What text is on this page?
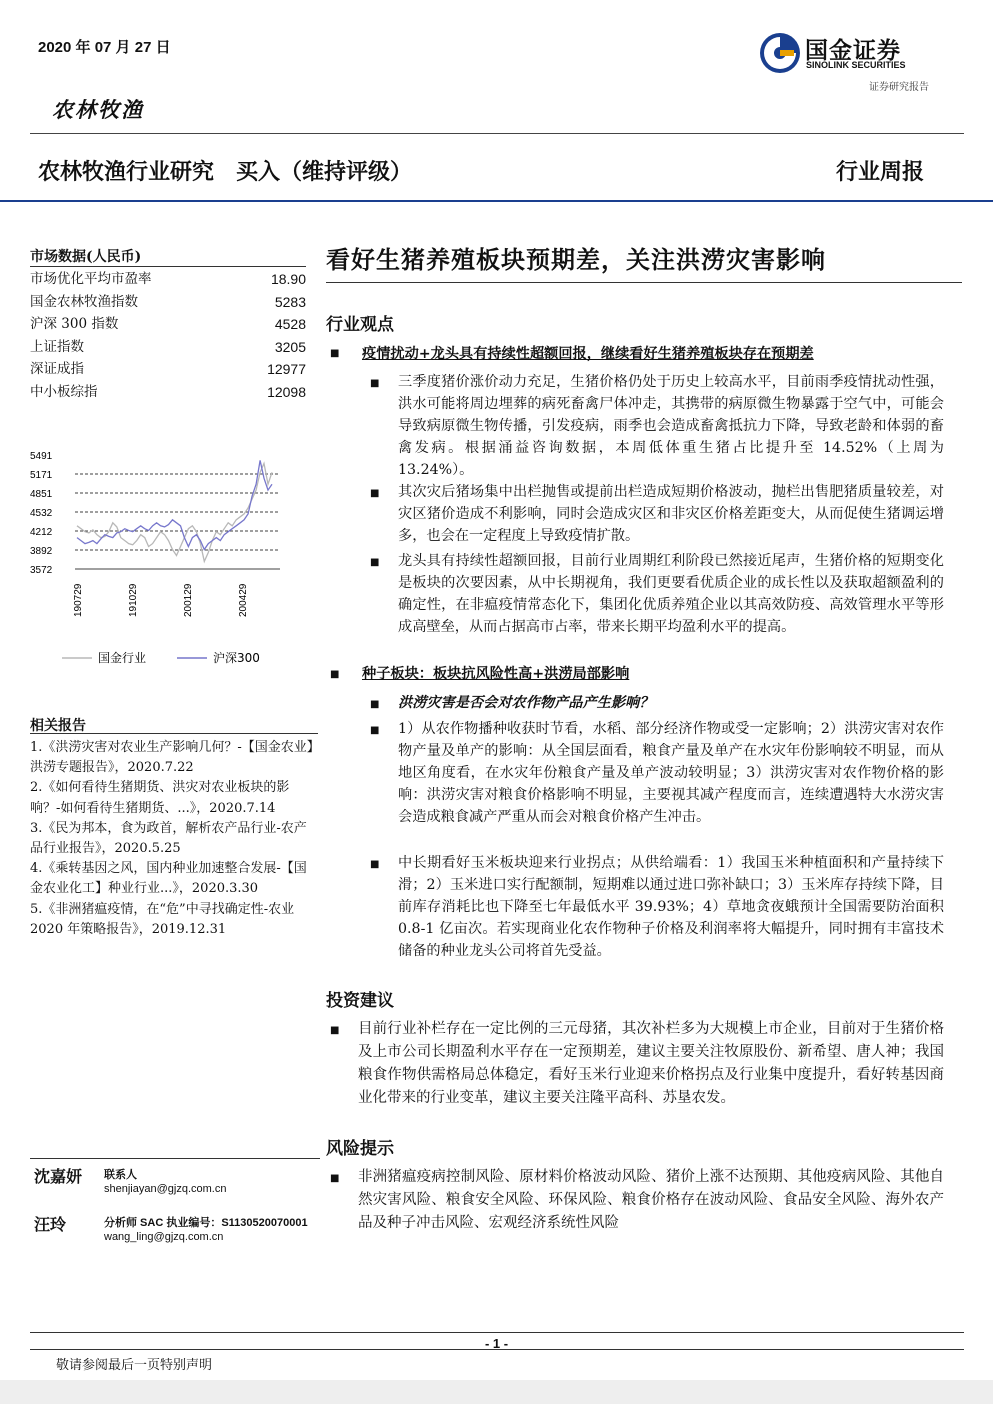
2020 年 07 月 27 日	国金证券
SINOLINK SECURITIES
证券研究报告
农林牧渔
农林牧渔行业研究　买入（维持评级）	行业周报
市场数据(人民币)
市场优化平均市盈率	18.90
国金农林牧渔指数	5283
沪深 300 指数	4528
上证指数	3205
深证成指	12977
中小板综指	12098
5491
5171
4851
4532
4212
3892
3572
190729	191029	200129	200429
国金行业	沪深300
相关报告
1.《洪涝灾害对农业生产影响几何？-【国金农业】洪涝专题报告》，2020.7.22
2.《如何看待生猪期货、洪灾对农业板块的影响？-如何看待生猪期货、...》，2020.7.14
3.《民为邦本，食为政首，解析农产品行业-农产品行业报告》，2020.5.25
4.《乘转基因之风，国内种业加速整合发展-【国金农业化工】种业行业...》，2020.3.30
5.《非洲猪瘟疫情，在“危”中寻找确定性-农业 2020 年策略报告》，2019.12.31
沈嘉妍 联系人
shenjiayan@gjzq.com.cn
汪玲	分析师 SAC 执业编号：S1130520070001
wang_ling@gjzq.com.cn
看好生猪养殖板块预期差，关注洪涝灾害影响
行业观点
■ 疫情扰动+龙头具有持续性超额回报，继续看好生猪养殖板块存在预期差
■ 三季度猪价涨价动力充足，生猪价格仍处于历史上较高水平，目前雨季疫情扰动性强，洪水可能将周边埋葬的病死畜禽尸体冲走，其携带的病原微生物暴露于空气中，可能会导致病原微生物传播，引发疫病，雨季也会造成畜禽抵抗力下降，导致老龄和体弱的畜禽发病。根据涌益咨询数据，本周低体重生猪占比提升至 14.52%（上周为 13.24%）。
■ 其次灾后猪场集中出栏抛售或提前出栏造成短期价格波动，抛栏出售肥猪质量较差，对灾区猪价造成不利影响，同时会造成灾区和非灾区价格差距变大，从而促使生猪调运增多，也会在一定程度上导致疫情扩散。
■ 龙头具有持续性超额回报，目前行业周期红利阶段已然接近尾声，生猪价格的短期变化是板块的次要因素，从中长期视角，我们更要看优质企业的成长性以及获取超额盈利的确定性，在非瘟疫情常态化下，集团化优质养殖企业以其高效防疫、高效管理水平等形成高壁垒，从而占据高市占率，带来长期平均盈利水平的提高。
■ 种子板块：板块抗风险性高+洪涝局部影响
■ 洪涝灾害是否会对农作物产品产生影响？
■ 1）从农作物播种收获时节看，水稻、部分经济作物或受一定影响；2）洪涝灾害对农作物产量及单产的影响：从全国层面看，粮食产量及单产在水灾年份影响较不明显，而从地区角度看，在水灾年份粮食产量及单产波动较明显；3）洪涝灾害对农作物价格的影响：洪涝灾害对粮食价格影响不明显，主要视其减产程度而言，连续遭遇特大水涝灾害会造成粮食减产严重从而会对粮食价格产生冲击。
■ 中长期看好玉米板块迎来行业拐点；从供给端看：1）我国玉米种植面积和产量持续下滑；2）玉米进口实行配额制，短期难以通过进口弥补缺口；3）玉米库存持续下降，目前库存消耗比也下降至七年最低水平 39.93%；4）草地贪夜蛾预计全国需要防治面积 0.8-1 亿亩次。若实现商业化农作物种子价格及利润率将大幅提升，同时拥有丰富技术储备的种业龙头公司将首先受益。
投资建议
■ 目前行业补栏存在一定比例的三元母猪，其次补栏多为大规模上市企业，目前对于生猪价格及上市公司长期盈利水平存在一定预期差，建议主要关注牧原股份、新希望、唐人神；我国粮食作物供需格局总体稳定，看好玉米行业迎来价格拐点及行业集中度提升，看好转基因商业化带来的行业变革，建议主要关注隆平高科、苏垦农发。
风险提示
■ 非洲猪瘟疫病控制风险、原材料价格波动风险、猪价上涨不达预期、其他疫病风险、其他自然灾害风险、粮食安全风险、环保风险、粮食价格存在波动风险、食品安全风险、海外农产品及种子冲击风险、宏观经济系统性风险
- 1 -
敬请参阅最后一页特别声明
